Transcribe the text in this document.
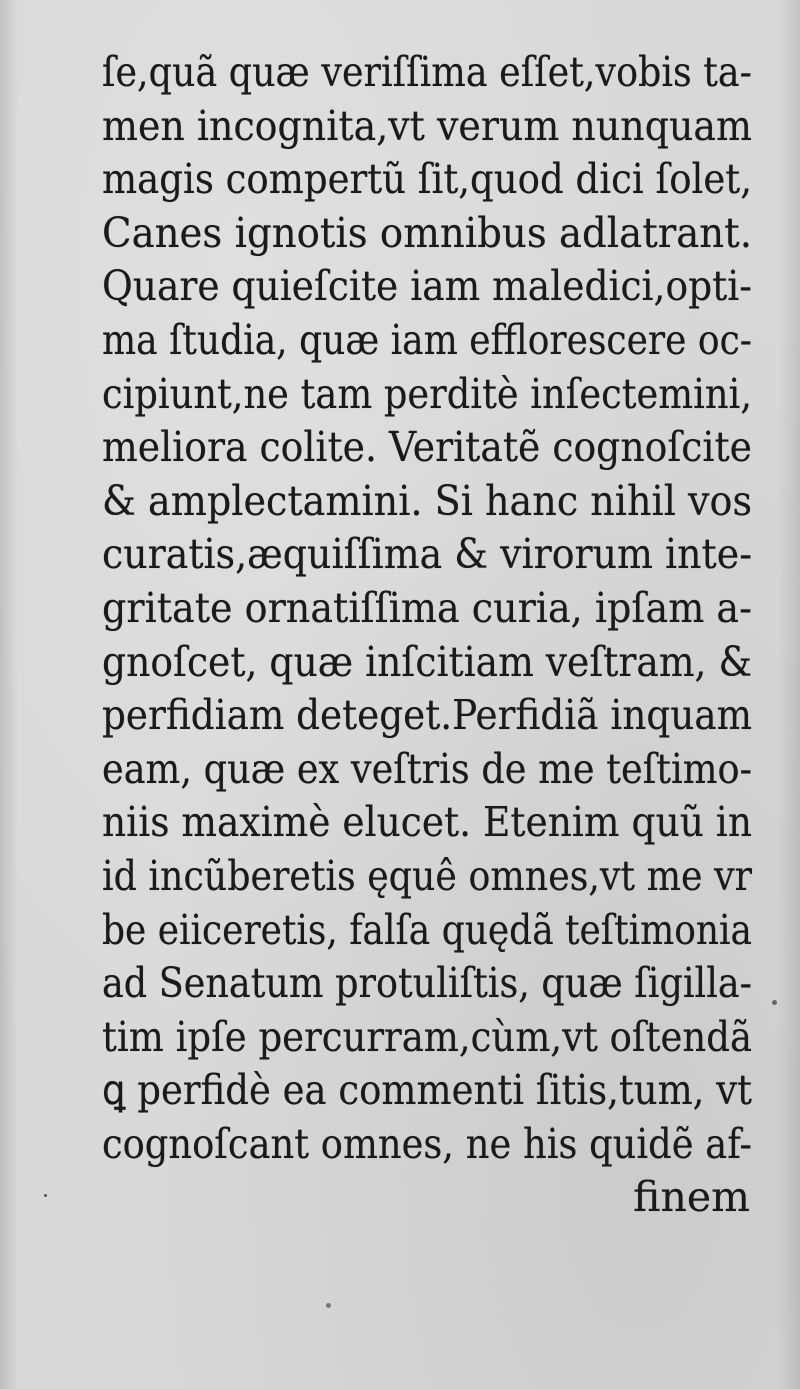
ſe,quã quæ veriſſima eſſet,vobis ta-
men incognita,vt verum nunquam
magis compertũ ſit,quod dici ſolet,
Canes ignotis omnibus adlatrant.
Quare quieſcite iam maledici,opti-
ma ſtudia, quæ iam efflorescere oc-
cipiunt,ne tam perditè inſectemini,
meliora colite. Veritatẽ cognoſcite
& amplectamini. Si hanc nihil vos
curatis,æquiſſima & virorum inte-
gritate ornatiſſima curia, ipſam a-
gnoſcet, quæ inſcitiam veſtram, &
perfidiam deteget.Perfidiã inquam
eam, quæ ex veſtris de me teſtimo-
niis maximè elucet. Etenim quũ in
id incũberetis ęquê omnes,vt me vr
be eiiceretis, falſa quędã teſtimonia
ad Senatum protuliſtis, quæ ſigilla-
tim ipſe percurram,cùm,vt oſtendã
ꝗ perfidè ea commenti ſitis,tum, vt
cognoſcant omnes, ne his quidẽ af-
finem
